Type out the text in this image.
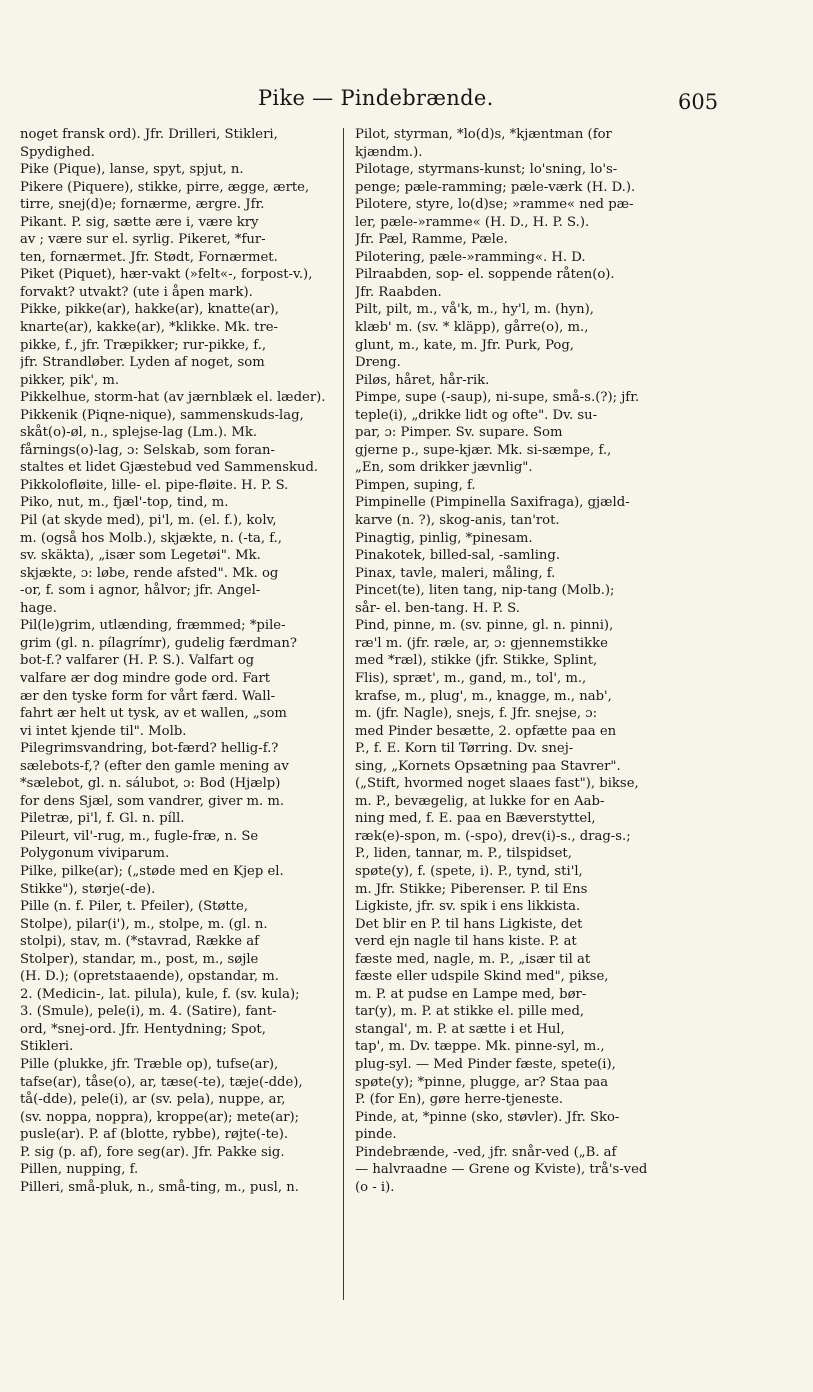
Pike — Pindebrænde.	605

noget fransk ord). Jfr. Drilleri, Stikleri,

Spydighed.

Pike (Pique), lanse, spyt, spjut, n.

Pikere (Piquere), stikke, pirre, ægge, ærte,

tirre, snej(d)e; fornærme, ærgre. Jfr.

Pikant. P. sig, sætte ære i, være kry

av ; være sur el. syrlig. Pikeret, *fur-

ten, fornærmet. Jfr. Stødt, Fornærmet.

Piket (Piquet), hær-vakt (»felt«-, forpost-v.),

forvakt? utvakt? (ute i åpen mark).

Pikke, pikke(ar), hakke(ar), knatte(ar),

knarte(ar), kakke(ar), *klikke. Mk. tre-

pikke, f., jfr. Træpikker; rur-pikke, f.,

jfr. Strandløber. Lyden af noget, som

pikker, pik', m.

Pikkelhue, storm-hat (av jærnblæk el. læder).

Pikkenik (Piqne-nique), sammenskuds-lag,

skåt(o)-øl, n., splejse-lag (Lm.). Mk.

fårnings(o)-lag, ɔ: Selskab, som foran-

staltes et lidet Gjæstebud ved Sammenskud.

Pikkolofløite, lille- el. pipe-fløite. H. P. S.

Piko, nut, m., fjæl'-top, tind, m.

Pil (at skyde med), pi'l, m. (el. f.), kolv,

m. (også hos Molb.), skjækte, n. (-ta, f.,

sv. skäkta), „især som Legetøi". Mk.

skjækte, ɔ: løbe, rende afsted". Mk. og

-or, f. som i agnor, hålvor; jfr. Angel-

hage.

Pil(le)grim, utlænding, fræmmed; *pile-

grim (gl. n. pílagrímr), gudelig færdman?

bot-f.? valfarer (H. P. S.). Valfart og

valfare ær dog mindre gode ord. Fart

ær den tyske form for vårt færd. Wall-

fahrt ær helt ut tysk, av et wallen, „som

vi intet kjende til". Molb.

Pilegrimsvandring, bot-færd? hellig-f.?

sælebots-f,? (efter den gamle mening av

*sælebot, gl. n. sálubot, ɔ: Bod (Hjælp)

for dens Sjæl, som vandrer, giver m. m.

Piletræ, pi'l, f. Gl. n. píll.

Pileurt, vil'-rug, m., fugle-fræ, n. Se

Polygonum viviparum.

Pilke, pilke(ar); („støde med en Kjep el.

Stikke"), størje(-de).

Pille (n. f. Piler, t. Pfeiler), (Støtte,

Stolpe), pilar(i'), m., stolpe, m. (gl. n.

stolpi), stav, m. (*stavrad, Række af

Stolper), standar, m., post, m., søjle

(H. D.); (opretstaaende), opstandar, m.

2. (Medicin-, lat. pilula), kule, f. (sv. kula);

3. (Smule), pele(i), m. 4. (Satire), fant-

ord, *snej-ord. Jfr. Hentydning; Spot,

Stikleri.

Pille (plukke, jfr. Træble op), tufse(ar),

tafse(ar), tåse(o), ar, tæse(-te), tæje(-dde),

tå(-dde), pele(i), ar (sv. pela), nuppe, ar,

(sv. noppa, noppra), kroppe(ar); mete(ar);

pusle(ar). P. af (blotte, rybbe), røjte(-te).

P. sig (p. af), fore seg(ar). Jfr. Pakke sig.

Pillen, nupping, f.

Pilleri, små-pluk, n., små-ting, m., pusl, n.

Pilot, styrman, *lo(d)s, *kjæntman (for

kjændm.).

Pilotage, styrmans-kunst; lo'sning, lo's-

penge; pæle-ramming; pæle-værk (H. D.).

Pilotere, styre, lo(d)se; »ramme« ned pæ-

ler, pæle-»ramme« (H. D., H. P. S.).

Jfr. Pæl, Ramme, Pæle.

Pilotering, pæle-»ramming«. H. D.

Pilraabden, sop- el. soppende råten(o).

Jfr. Raabden.

Pilt, pilt, m., vå'k, m., hy'l, m. (hyn),

klæb' m. (sv. * kläpp), gårre(o), m.,

glunt, m., kate, m. Jfr. Purk, Pog,

Dreng.

Piløs, håret, hår-rik.

Pimpe, supe (-saup), ni-supe, små-s.(?); jfr.

teple(i), „drikke lidt og ofte". Dv. su-

par, ɔ: Pimper. Sv. supare. Som

gjerne p., supe-kjær. Mk. si-sæmpe, f.,

„En, som drikker jævnlig".

Pimpen, suping, f.

Pimpinelle (Pimpinella Saxifraga), gjæld-

karve (n. ?), skog-anis, tan'rot.

Pinagtig, pinlig, *pinesam.

Pinakotek, billed-sal, -samling.

Pinax, tavle, maleri, måling, f.

Pincet(te), liten tang, nip-tang (Molb.);

sår- el. ben-tang. H. P. S.

Pind, pinne, m. (sv. pinne, gl. n. pinni),

ræ'l m. (jfr. ræle, ar, ɔ: gjennemstikke

med *ræl), stikke (jfr. Stikke, Splint,

Flis), spræt', m., gand, m., tol', m.,

krafse, m., plug', m., knagge, m., nab',

m. (jfr. Nagle), snejs, f. Jfr. snejse, ɔ:

med Pinder besætte, 2. opfætte paa en

P., f. E. Korn til Tørring. Dv. snej-

sing, „Kornets Opsætning paa Stavrer".

(„Stift, hvormed noget slaaes fast"), bikse,

m. P., bevægelig, at lukke for en Aab-

ning med, f. E. paa en Bæverstyttel,

ræk(e)-spon, m. (-spo), drev(i)-s., drag-s.;

P., liden, tannar, m. P., tilspidset,

spøte(y), f. (spete, i). P., tynd, sti'l,

m. Jfr. Stikke; Piberenser. P. til Ens

Ligkiste, jfr. sv. spik i ens likkista.

Det blir en P. til hans Ligkiste, det

verd ejn nagle til hans kiste. P. at

fæste med, nagle, m. P., „især til at

fæste eller udspile Skind med", pikse,

m. P. at pudse en Lampe med, bør-

tar(y), m. P. at stikke el. pille med,

stangal', m. P. at sætte i et Hul,

tap', m. Dv. tæppe. Mk. pinne-syl, m.,

plug-syl. — Med Pinder fæste, spete(i),

spøte(y); *pinne, plugge, ar? Staa paa

P. (for En), gøre herre-tjeneste.

Pinde, at, *pinne (sko, støvler). Jfr. Sko-

pinde.

Pindebrænde, -ved, jfr. snår-ved („B. af

— halvraadne — Grene og Kviste), trå's-ved

(o - i).
